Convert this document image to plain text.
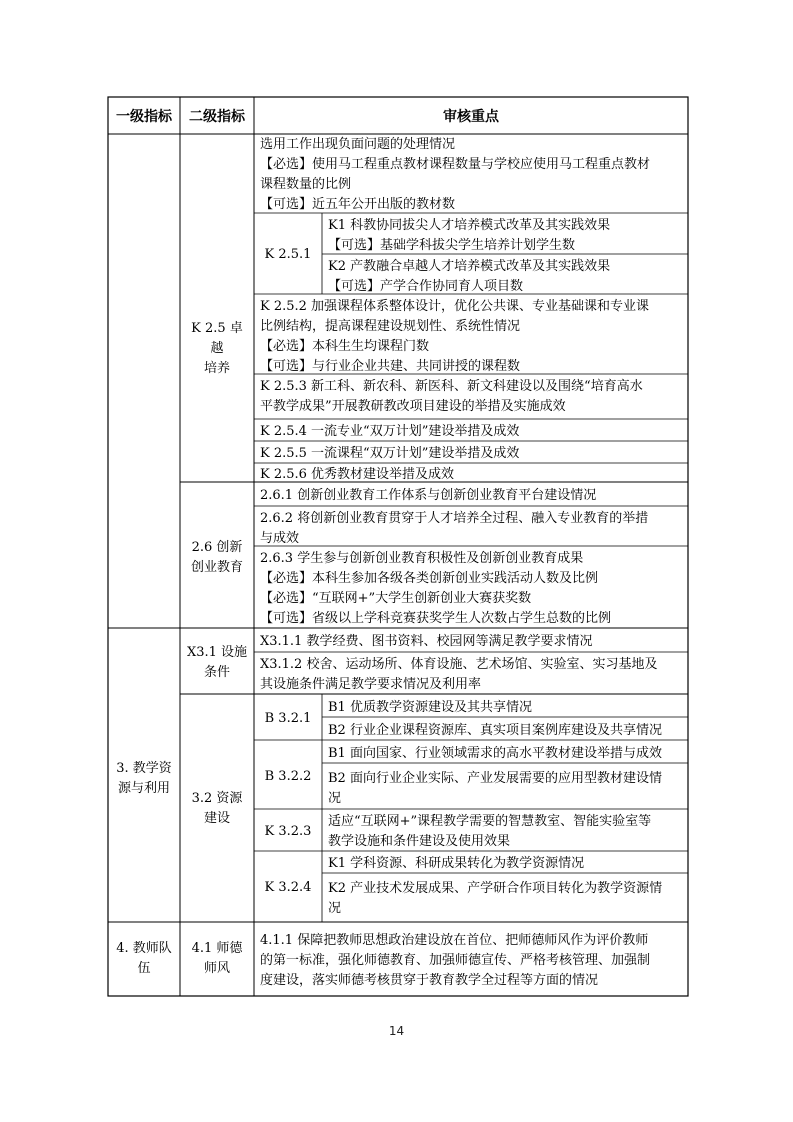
一级指标 二级指标	审核重点
K 2.5 卓
越
培养
选用工作出现负面问题的处理情况
【必选】使用马工程重点教材课程数量与学校应使用马工程重点教材
课程数量的比例
【可选】近五年公开出版的教材数
K 2.5.1
K1 科教协同拔尖人才培养模式改革及其实践效果
【可选】基础学科拔尖学生培养计划学生数
K2 产教融合卓越人才培养模式改革及其实践效果
【可选】产学合作协同育人项目数
K 2.5.2 加强课程体系整体设计，优化公共课、专业基础课和专业课
比例结构，提高课程建设规划性、系统性情况
【必选】本科生生均课程门数
【可选】与行业企业共建、共同讲授的课程数
K 2.5.3 新工科、新农科、新医科、新文科建设以及围绕“培育高水
平教学成果”开展教研教改项目建设的举措及实施成效
K 2.5.4 一流专业“双万计划”建设举措及成效
K 2.5.5 一流课程“双万计划”建设举措及成效
K 2.5.6 优秀教材建设举措及成效
2.6 创新
创业教育
2.6.1 创新创业教育工作体系与创新创业教育平台建设情况
2.6.2 将创新创业教育贯穿于人才培养全过程、融入专业教育的举措
与成效
2.6.3 学生参与创新创业教育积极性及创新创业教育成果
【必选】本科生参加各级各类创新创业实践活动人数及比例
【必选】“互联网+”大学生创新创业大赛获奖数
【可选】省级以上学科竞赛获奖学生人次数占学生总数的比例
3. 教学资
源与利用
X3.1 设施
条件
X3.1.1 教学经费、图书资料、校园网等满足教学要求情况
X3.1.2 校舍、运动场所、体育设施、艺术场馆、实验室、实习基地及
其设施条件满足教学要求情况及利用率
3.2 资源
建设
B 3.2.1
B1 优质教学资源建设及其共享情况
B2 行业企业课程资源库、真实项目案例库建设及共享情况
B 3.2.2
B1 面向国家、行业领域需求的高水平教材建设举措与成效
B2 面向行业企业实际、产业发展需要的应用型教材建设情
况
K 3.2.3
适应“互联网+”课程教学需要的智慧教室、智能实验室等
教学设施和条件建设及使用效果
K 3.2.4
K1 学科资源、科研成果转化为教学资源情况
K2 产业技术发展成果、产学研合作项目转化为教学资源情
况
4. 教师队
伍
4.1 师德
师风
4.1.1 保障把教师思想政治建设放在首位、把师德师风作为评价教师
的第一标准，强化师德教育、加强师德宣传、严格考核管理、加强制
度建设，落实师德考核贯穿于教育教学全过程等方面的情况
14
